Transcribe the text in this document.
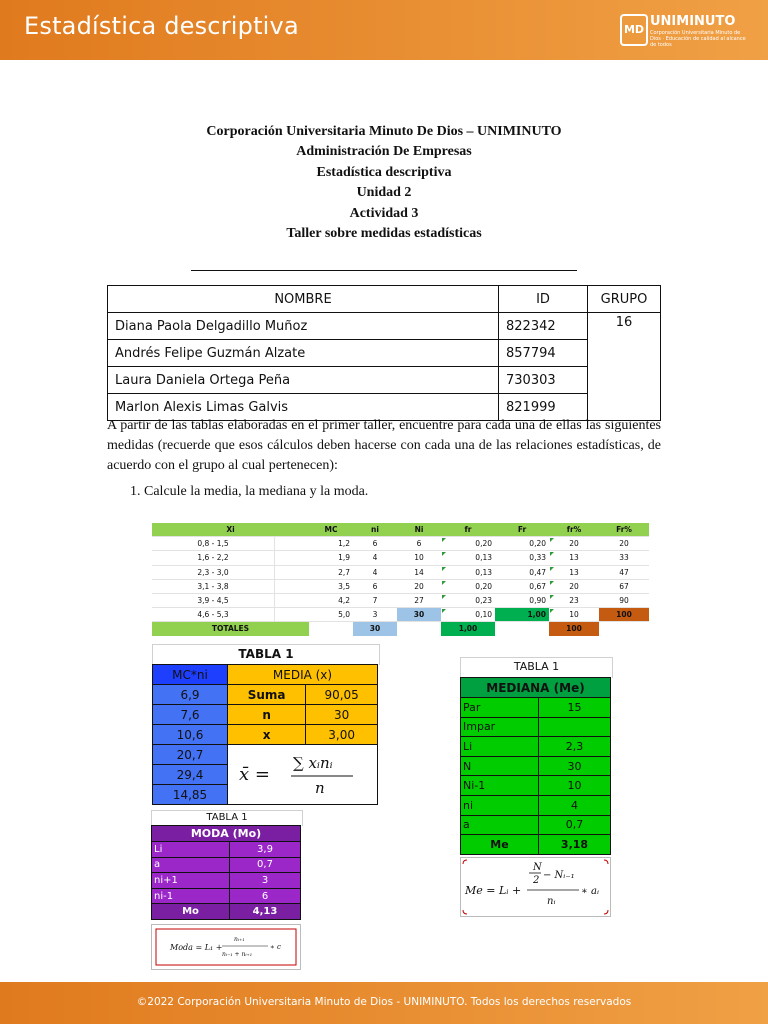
Estadística descriptiva	MD
UNIMINUTO
Corporación Universitaria Minuto de Dios · Educación de calidad al alcance de todos
Corporación Universitaria Minuto De Dios – UNIMINUTO
Administración De Empresas
Estadística descriptiva
Unidad 2
Actividad 3
Taller sobre medidas estadísticas
NOMBRE	ID	GRUPO
Diana Paola Delgadillo Muñoz	822342	16
Andrés Felipe Guzmán Alzate	857794	
Laura Daniela Ortega Peña	730303	
Marlon Alexis Limas Galvis	821999	
A partir de las tablas elaboradas en el primer taller, encuentre para cada una de ellas las siguientes medidas (recuerde que esos cálculos deben hacerse con cada una de las relaciones estadísticas, de acuerdo con el grupo al cual pertenecen):
1. Calcule la media, la mediana y la moda.
Xi		MC	ni	Ni	fr	Fr	fr%	Fr%
0,8 - 1,5		1,2	6	6	0,20	0,20	20	20
1,6 - 2,2		1,9	4	10	0,13	0,33	13	33
2,3 - 3,0		2,7	4	14	0,13	0,47	13	47
3,1 - 3,8		3,5	6	20	0,20	0,67	20	67
3,9 - 4,5		4,2	7	27	0,23	0,90	23	90
4,6 - 5,3		5,0	3	30	0,10	1,00	10	100
TOTALES			30		1,00		100	
TABLA 1
MC*ni	MEDIA (x)	
6,9	Suma	90,05
7,6	n	30
10,6	x	3,00
20,7	x̄ =
∑ xᵢnᵢ
n	

29,4		
14,85		
TABLA 1
MEDIANA (Me)	
Par	15
Impar	
Li	2,3
N	30
Ni-1	10
ni	4
a	0,7
Me	3,18
Me = Lᵢ +
N
2 − Nᵢ₋₁
nᵢ
∗ aᵢ
TABLA 1
MODA (Mo)	
Li	3,9
a	0,7
ni+1	3
ni-1	6
Mo	4,13
Moda = L₁ +
nᵢ₊₁
nᵢ₋₁ + nᵢ₊₁
∗ c
©2022 Corporación Universitaria Minuto de Dios - UNIMINUTO. Todos los derechos reservados
